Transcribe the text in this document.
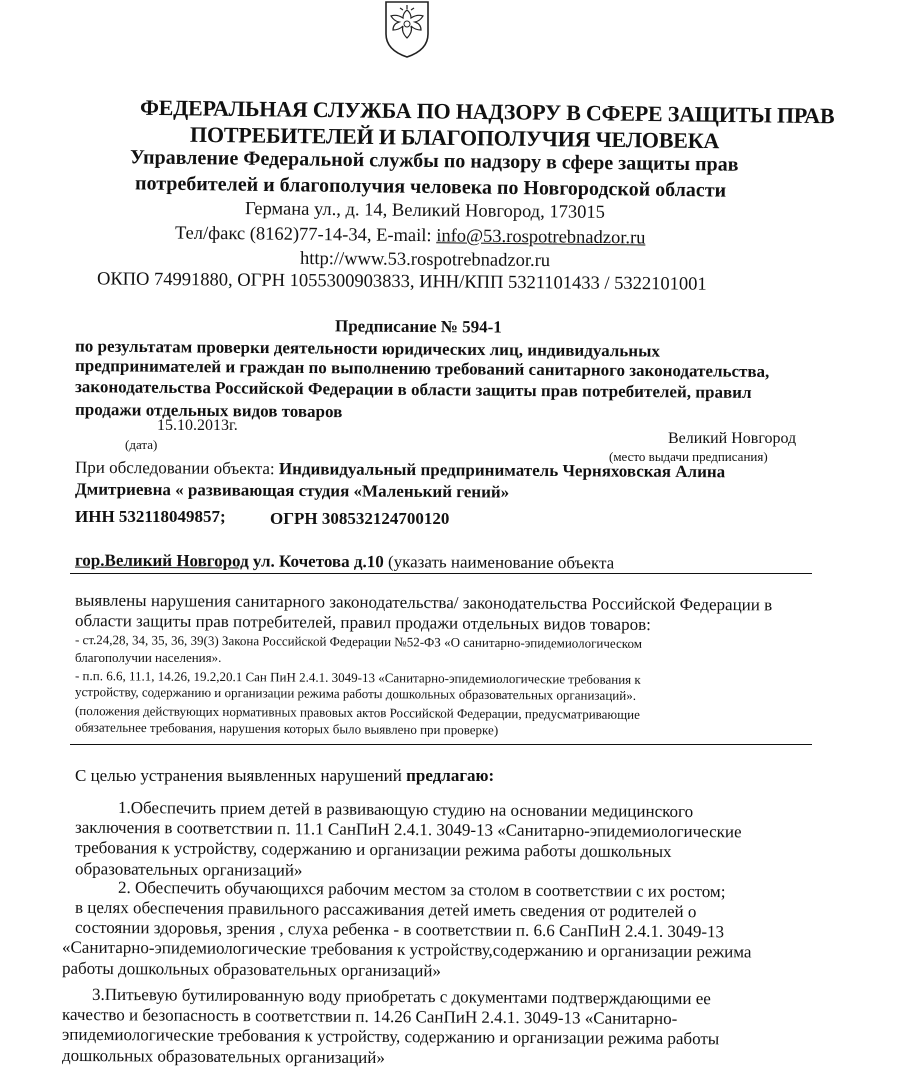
ФЕДЕРАЛЬНАЯ СЛУЖБА ПО НАДЗОРУ В СФЕРЕ ЗАЩИТЫ ПРАВ
ПОТРЕБИТЕЛЕЙ И БЛАГОПОЛУЧИЯ ЧЕЛОВЕКА
Управление Федеральной службы по надзору в сфере защиты прав
потребителей и благополучия человека по Новгородской области
Германа ул., д. 14, Великий Новгород, 173015
Тел/факс (8162)77-14-34, E-mail: info@53.rospotrebnadzor.ru
http://www.53.rospotrebnadzor.ru
ОКПО 74991880, ОГРН 1055300903833, ИНН/КПП 5321101433 / 5322101001
Предписание № 594-1
по результатам проверки деятельности юридических лиц, индивидуальных
предпринимателей и граждан по выполнению требований санитарного законодательства,
законодательства Российской Федерации в области защиты прав потребителей, правил
продажи отдельных видов товаров
15.10.2013г.
(дата)	Великий Новгород
(место выдачи предписания)
При обследовании объекта: Индивидуальный предприниматель Черняховская Алина
Дмитриевна « развивающая студия «Маленький гений»
ИНН 532118049857;	ОГРН 308532124700120
гор.Великий Новгород ул. Кочетова д.10 (указать наименование объекта
выявлены нарушения санитарного законодательства/ законодательства Российской Федерации в
области защиты прав потребителей, правил продажи отдельных видов товаров:
- ст.24,28, 34, 35, 36, 39(3) Закона Российской Федерации №52-ФЗ «О санитарно-эпидемиологическом
благополучии населения».
- п.п. 6.6, 11.1, 14.26, 19.2,20.1 Сан ПиН 2.4.1. 3049-13 «Санитарно-эпидемиологические требования к
устройству, содержанию и организации режима работы дошкольных образовательных организаций».
(положения действующих нормативных правовых актов Российской Федерации, предусматривающие
обязательнее требования, нарушения которых было выявлено при проверке)
С целью устранения выявленных нарушений предлагаю:
1.Обеспечить прием детей в развивающую студию на основании медицинского
заключения в соответствии п. 11.1 СанПиН 2.4.1. 3049-13 «Санитарно-эпидемиологические
требования к устройству, содержанию и организации режима работы дошкольных
образовательных организаций»
2. Обеспечить обучающихся рабочим местом за столом в соответствии с их ростом;
в целях обеспечения правильного рассаживания детей иметь сведения от родителей о
состоянии здоровья, зрения , слуха ребенка - в соответствии п. 6.6 СанПиН 2.4.1. 3049-13
«Санитарно-эпидемиологические требования к устройству,содержанию и организации режима
работы дошкольных образовательных организаций»
3.Питьевую бутилированную воду приобретать с документами подтверждающими ее
качество и безопасность в соответствии п. 14.26 СанПиН 2.4.1. 3049-13 «Санитарно-
эпидемиологические требования к устройству, содержанию и организации режима работы
дошкольных образовательных организаций»
